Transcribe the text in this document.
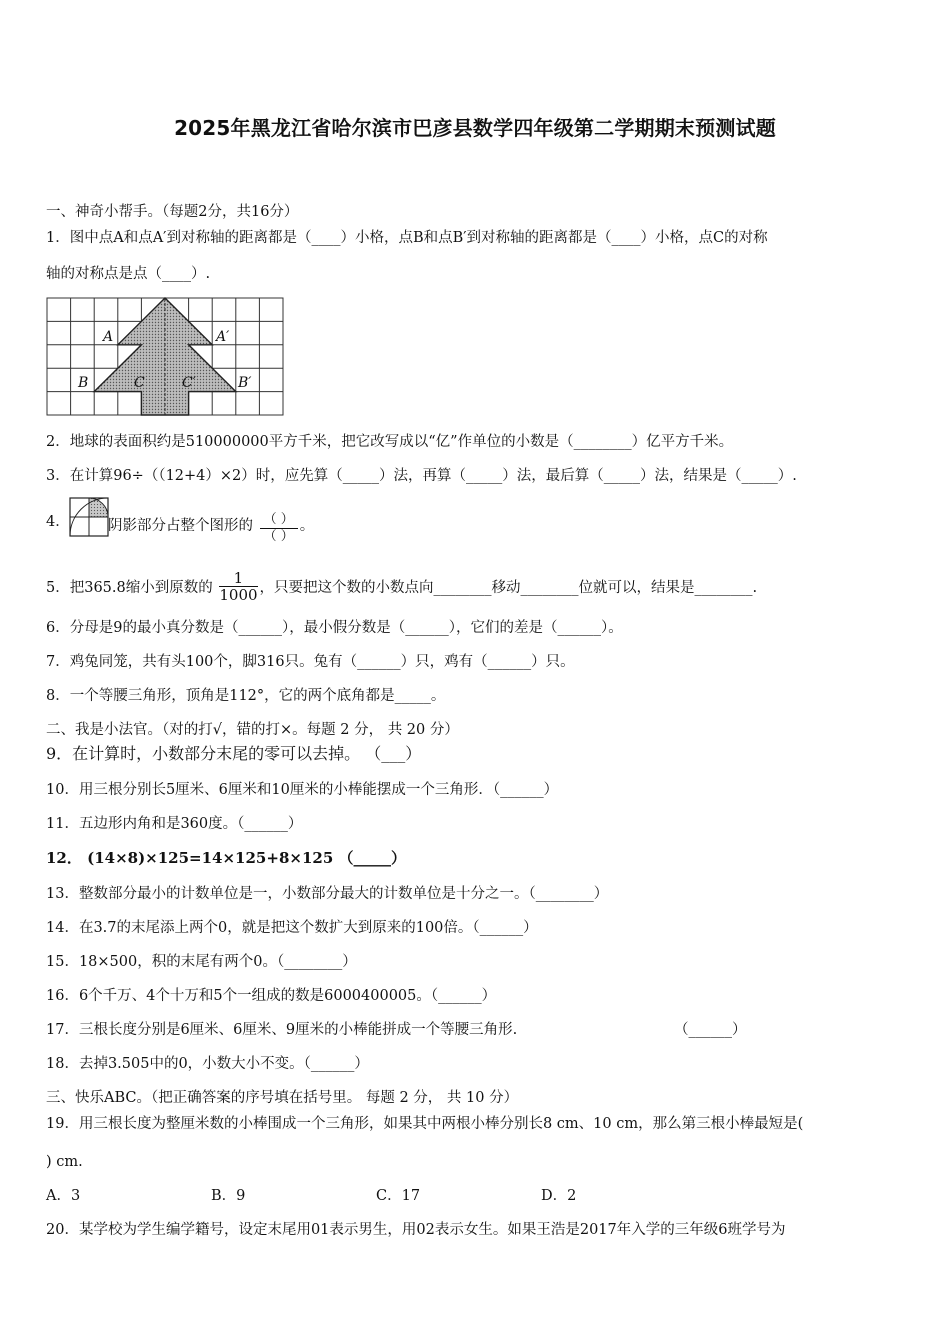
2025年黑龙江省哈尔滨市巴彦县数学四年级第二学期期末预测试题
一、神奇小帮手。（每题2分，共16分）
1．图中点A和点A′到对称轴的距离都是（____）小格，点B和点B′到对称轴的距离都是（____）小格，点C的对称
轴的对称点是点（____）.
A	A′
B	B′
C	C′
2．地球的表面积约是510000000平方千米，把它改写成以“亿”作单位的小数是（________）亿平方千米。
3．在计算96÷（（12+4）×2）时，应先算（_____）法，再算（_____）法，最后算（_____）法，结果是（_____）.
4．	阴影部分占整个图形的 $\frac{( )}{( )}$ 。
5．把365.8缩小到原数的 $\frac{1}{1000}$ ，只要把这个数的小数点向________移动________位就可以，结果是________.
6．分母是9的最小真分数是（______），最小假分数是（______），它们的差是（______）。
7．鸡兔同笼，共有头100个，脚316只。兔有（______）只，鸡有（______）只。
8．一个等腰三角形，顶角是112°，它的两个底角都是_____。
二、我是小法官。（对的打√，错的打×。每题 2 分， 共 20 分）
9．在计算时，小数部分末尾的零可以去掉。 （___）
10．用三根分别长5厘米、6厘米和10厘米的小棒能摆成一个三角形．（______）
11．五边形内角和是360度。（______）
12． (14×8)×125=14×125+8×125 （_____）
13．整数部分最小的计数单位是一，小数部分最大的计数单位是十分之一。（________）
14．在3.7的末尾添上两个0，就是把这个数扩大到原来的100倍。（______）
15．18×500，积的末尾有两个0。（________）
16．6个千万、4个十万和5个一组成的数是6000400005。（______）
17．三根长度分别是6厘米、6厘米、9厘米的小棒能拼成一个等腰三角形.	（______）
18．去掉3.505中的0，小数大小不变。（______）
三、快乐ABC。（把正确答案的序号填在括号里。 每题 2 分， 共 10 分）
19．用三根长度为整厘米数的小棒围成一个三角形，如果其中两根小棒分别长8 cm、10 cm，那么第三根小棒最短是(
) cm.
A．3	B．9	C．17	D．2
20．某学校为学生编学籍号，设定末尾用01表示男生，用02表示女生。如果王浩是2017年入学的三年级6班学号为
